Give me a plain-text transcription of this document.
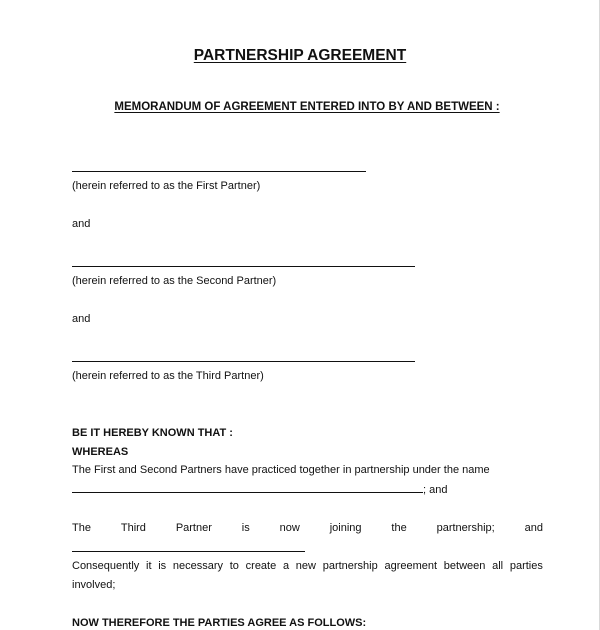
PARTNERSHIP AGREEMENT
MEMORANDUM OF AGREEMENT ENTERED INTO BY AND BETWEEN :
(herein referred to as the First Partner)
and
(herein referred to as the Second Partner)
and
(herein referred to as the Third Partner)
BE IT HEREBY KNOWN THAT :
WHEREAS
The First and Second Partners have practiced together in partnership under the name
; and
The	Third	Partner	is	now	joining	the	partnership;	and
Consequently it is necessary to create a new partnership agreement between all parties
involved;
NOW THEREFORE THE PARTIES AGREE AS FOLLOWS:
